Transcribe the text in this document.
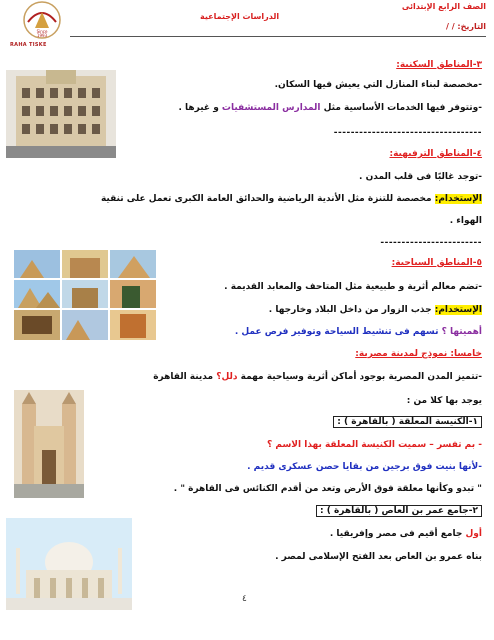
الصف الرابع الإبتدائى
الدراسات الإجتماعية
التاريخ: / /
Since
1993
RAHA TISKE
٣-المناطق السكنية:
-مخصصة لبناء المنازل التي يعيش فيها السكان.
-وتتوفر فيها الخدمات الأساسية مثل المدارس المستشفيات و غيرها .
-----------------------------------
٤-المناطق الترفيهية:
-توجد غالبًا فى قلب المدن .
الإستخدام: مخصصة للتنزة مثل الأندية الرياضية والحدائق العامة الكبرى تعمل على تنقية
الهواء .
------------------------
٥-المناطق السياحية:
-تضم معالم أثرية و طبيعية مثل المتاحف والمعابد القديمة .
الإستخدام: جذب الزوار من داخل البلاد وخارجها .
أهميتها ؟ تسهم فى تنشيط السياحة وتوفير فرص عمل .
خامسا: نموذج لمدينة مصرية:
-تتميز المدن المصرية بوجود أماكن أثرية وسياحية مهمة دلل؟ مدينة القاهرة
يوجد بها كلا من :
١-الكنيسة المعلقة ( بالقاهرة ) :
- بم تفسر – سميت الكنيسة المعلقة بهذا الاسم ؟
-لأنها بنيت فوق برجين من بقايا حصن عسكرى قديم .
" تبدو وكأنها معلقة فوق الأرض وتعد من أقدم الكنائس فى القاهرة " .
٢-جامع عمر بن العاص ( بالقاهرة ) :
أول جامع أقيم فى مصر وإفريقيا .
بناه عمرو بن العاص بعد الفتح الإسلامى لمصر .
٤
